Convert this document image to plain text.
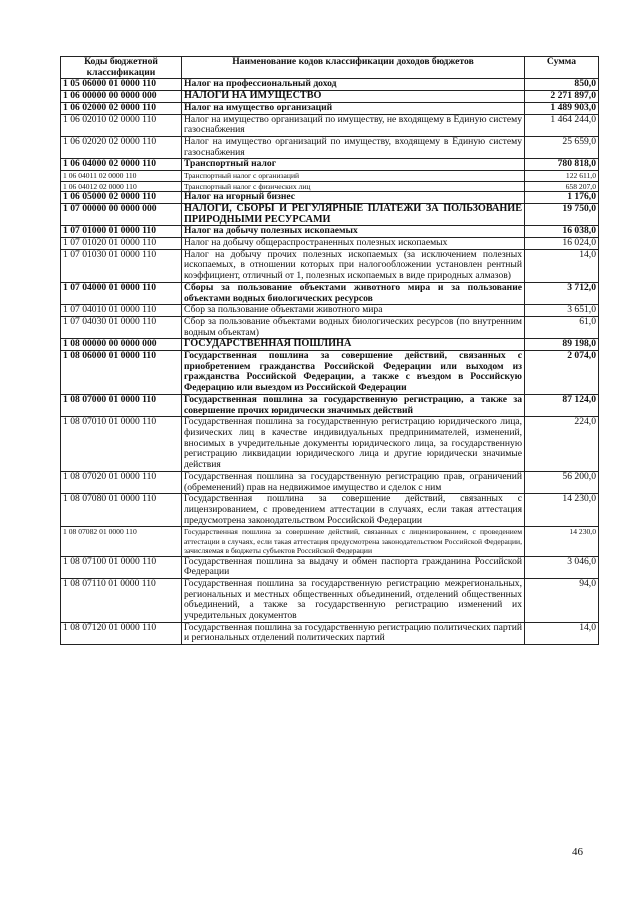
Коды бюджетной классификации	Наименование кодов классификации доходов бюджетов	Сумма
1 05 06000 01 0000 110	Налог на профессиональный доход	850,0
1 06 00000 00 0000 000	НАЛОГИ НА ИМУЩЕСТВО	2 271 897,0
1 06 02000 02 0000 110	Налог на имущество организаций	1 489 903,0
1 06 02010 02 0000 110	Налог на имущество организаций по имуществу, не входящему в Единую систему газоснабжения	1 464 244,0
1 06 02020 02 0000 110	Налог на имущество организаций по имуществу, входящему в Единую систему газоснабжения	25 659,0
1 06 04000 02 0000 110	Транспортный налог	780 818,0
1 06 04011 02 0000 110	Транспортный налог с организаций	122 611,0
1 06 04012 02 0000 110	Транспортный налог с физических лиц	658 207,0
1 06 05000 02 0000 110	Налог на игорный бизнес	1 176,0
1 07 00000 00 0000 000	НАЛОГИ, СБОРЫ И РЕГУЛЯРНЫЕ ПЛАТЕЖИ ЗА ПОЛЬЗОВАНИЕ ПРИРОДНЫМИ РЕСУРСАМИ	19 750,0
1 07 01000 01 0000 110	Налог на добычу полезных ископаемых	16 038,0
1 07 01020 01 0000 110	Налог на добычу общераспространенных полезных ископаемых	16 024,0
1 07 01030 01 0000 110	Налог на добычу прочих полезных ископаемых (за исключением полезных ископаемых, в отношении которых при налогообложении установлен рентный коэффициент, отличный от 1, полезных ископаемых в виде природных алмазов)	14,0
1 07 04000 01 0000 110	Сборы за пользование объектами животного мира и за пользование объектами водных биологических ресурсов	3 712,0
1 07 04010 01 0000 110	Сбор за пользование объектами животного мира	3 651,0
1 07 04030 01 0000 110	Сбор за пользование объектами водных биологических ресурсов (по внутренним водным объектам)	61,0
1 08 00000 00 0000 000	ГОСУДАРСТВЕННАЯ ПОШЛИНА	89 198,0
1 08 06000 01 0000 110	Государственная пошлина за совершение действий, связанных с приобретением гражданства Российской Федерации или выходом из гражданства Российской Федерации, а также с въездом в Российскую Федерацию или выездом из Российской Федерации	2 074,0
1 08 07000 01 0000 110	Государственная пошлина за государственную регистрацию, а также за совершение прочих юридически значимых действий	87 124,0
1 08 07010 01 0000 110	Государственная пошлина за государственную регистрацию юридического лица, физических лиц в качестве индивидуальных предпринимателей, изменений, вносимых в учредительные документы юридического лица, за государственную регистрацию ликвидации юридического лица и другие юридически значимые действия	224,0
1 08 07020 01 0000 110	Государственная пошлина за государственную регистрацию прав, ограничений (обременений) прав на недвижимое имущество и сделок с ним	56 200,0
1 08 07080 01 0000 110	Государственная пошлина за совершение действий, связанных с лицензированием, с проведением аттестации в случаях, если такая аттестация предусмотрена законодательством Российской Федерации	14 230,0
1 08 07082 01 0000 110	Государственная пошлина за совершение действий, связанных с лицензированием, с проведением аттестации в случаях, если такая аттестация предусмотрена законодательством Российской Федерации, зачисляемая в бюджеты субъектов Российской Федерации	14 230,0
1 08 07100 01 0000 110	Государственная пошлина за выдачу и обмен паспорта гражданина Российской Федерации	3 046,0
1 08 07110 01 0000 110	Государственная пошлина за государственную регистрацию межрегиональных, региональных и местных общественных объединений, отделений общественных объединений, а также за государственную регистрацию изменений их учредительных документов	94,0
1 08 07120 01 0000 110	Государственная пошлина за государственную регистрацию политических партий и региональных отделений политических партий	14,0
46
